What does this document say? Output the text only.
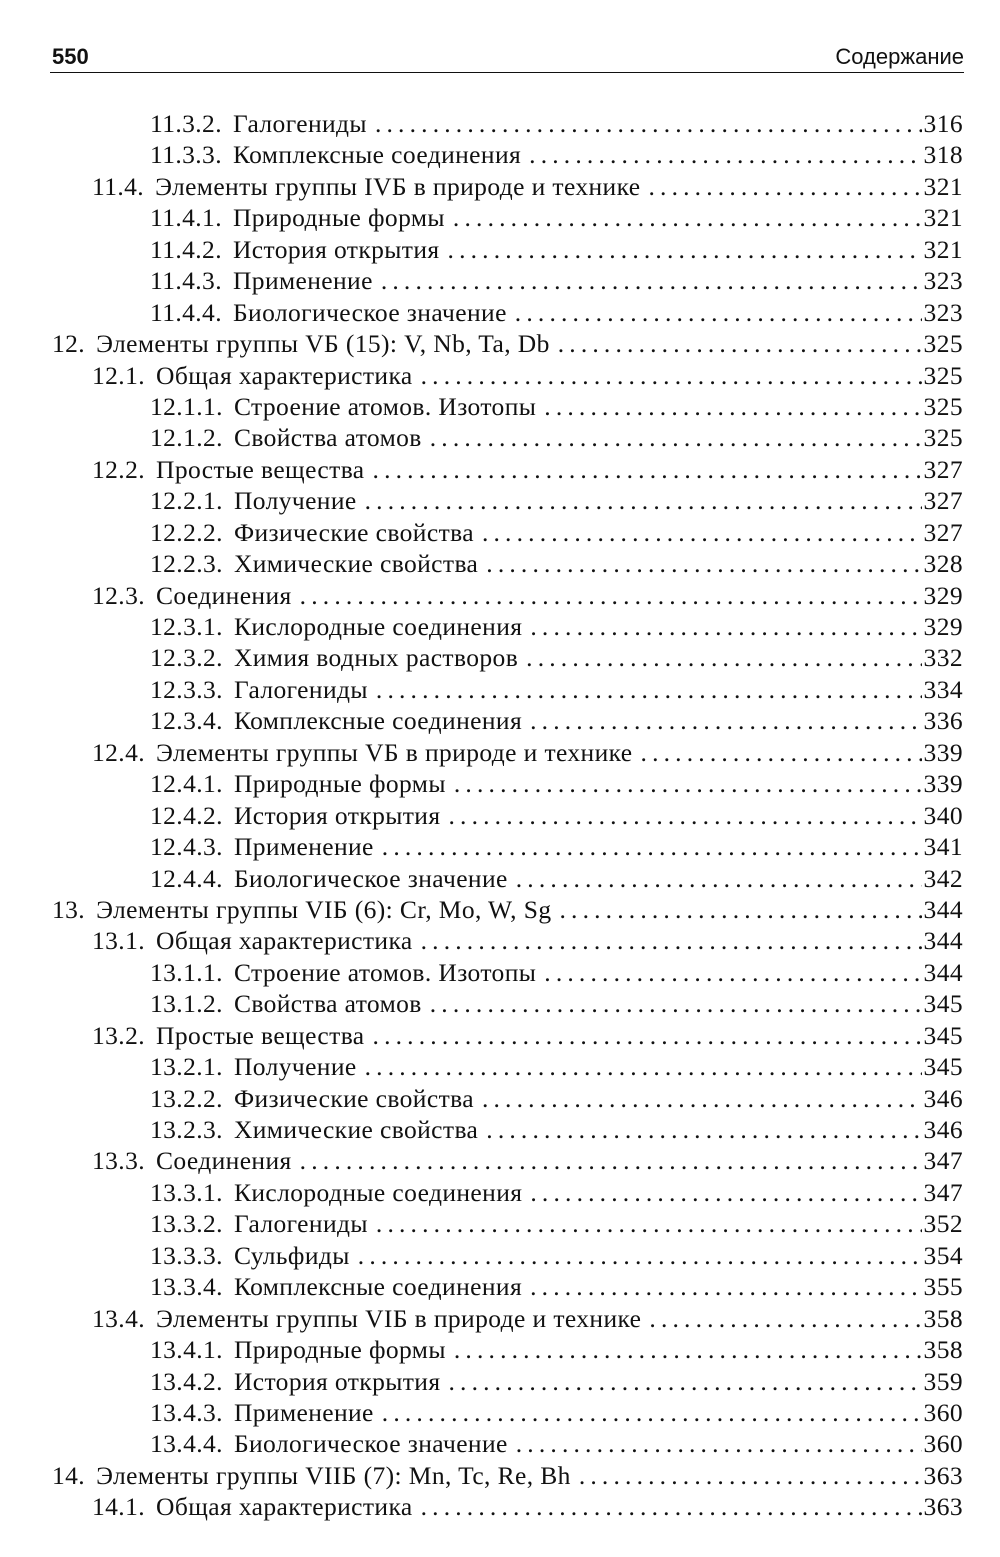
550	Содержание
11.3.2. Галогениды . . .	316
11.3.3. Комплексные соединения . . .	318
11.4. Элементы группы IVБ в природе и технике . . .	321
11.4.1. Природные формы . . .	321
11.4.2. История открытия . . .	321
11.4.3. Применение . . .	323
11.4.4. Биологическое значение . . .	323
12. Элементы группы VБ (15): V, Nb, Ta, Db . . .	325
12.1. Общая характеристика . . .	325
12.1.1. Строение атомов. Изотопы . . .	325
12.1.2. Свойства атомов . . .	325
12.2. Простые вещества . . .	327
12.2.1. Получение . . .	327
12.2.2. Физические свойства . . .	327
12.2.3. Химические свойства . . .	328
12.3. Соединения . . .	329
12.3.1. Кислородные соединения . . .	329
12.3.2. Химия водных растворов . . .	332
12.3.3. Галогениды . . .	334
12.3.4. Комплексные соединения . . .	336
12.4. Элементы группы VБ в природе и технике . . .	339
12.4.1. Природные формы . . .	339
12.4.2. История открытия . . .	340
12.4.3. Применение . . .	341
12.4.4. Биологическое значение . . .	342
13. Элементы группы VIБ (6): Cr, Mo, W, Sg . . .	344
13.1. Общая характеристика . . .	344
13.1.1. Строение атомов. Изотопы . . .	344
13.1.2. Свойства атомов . . .	345
13.2. Простые вещества . . .	345
13.2.1. Получение . . .	345
13.2.2. Физические свойства . . .	346
13.2.3. Химические свойства . . .	346
13.3. Соединения . . .	347
13.3.1. Кислородные соединения . . .	347
13.3.2. Галогениды . . .	352
13.3.3. Сульфиды . . .	354
13.3.4. Комплексные соединения . . .	355
13.4. Элементы группы VIБ в природе и технике . . .	358
13.4.1. Природные формы . . .	358
13.4.2. История открытия . . .	359
13.4.3. Применение . . .	360
13.4.4. Биологическое значение . . .	360
14. Элементы группы VIIБ (7): Mn, Tc, Re, Bh . . .	363
14.1. Общая характеристика . . .	363
